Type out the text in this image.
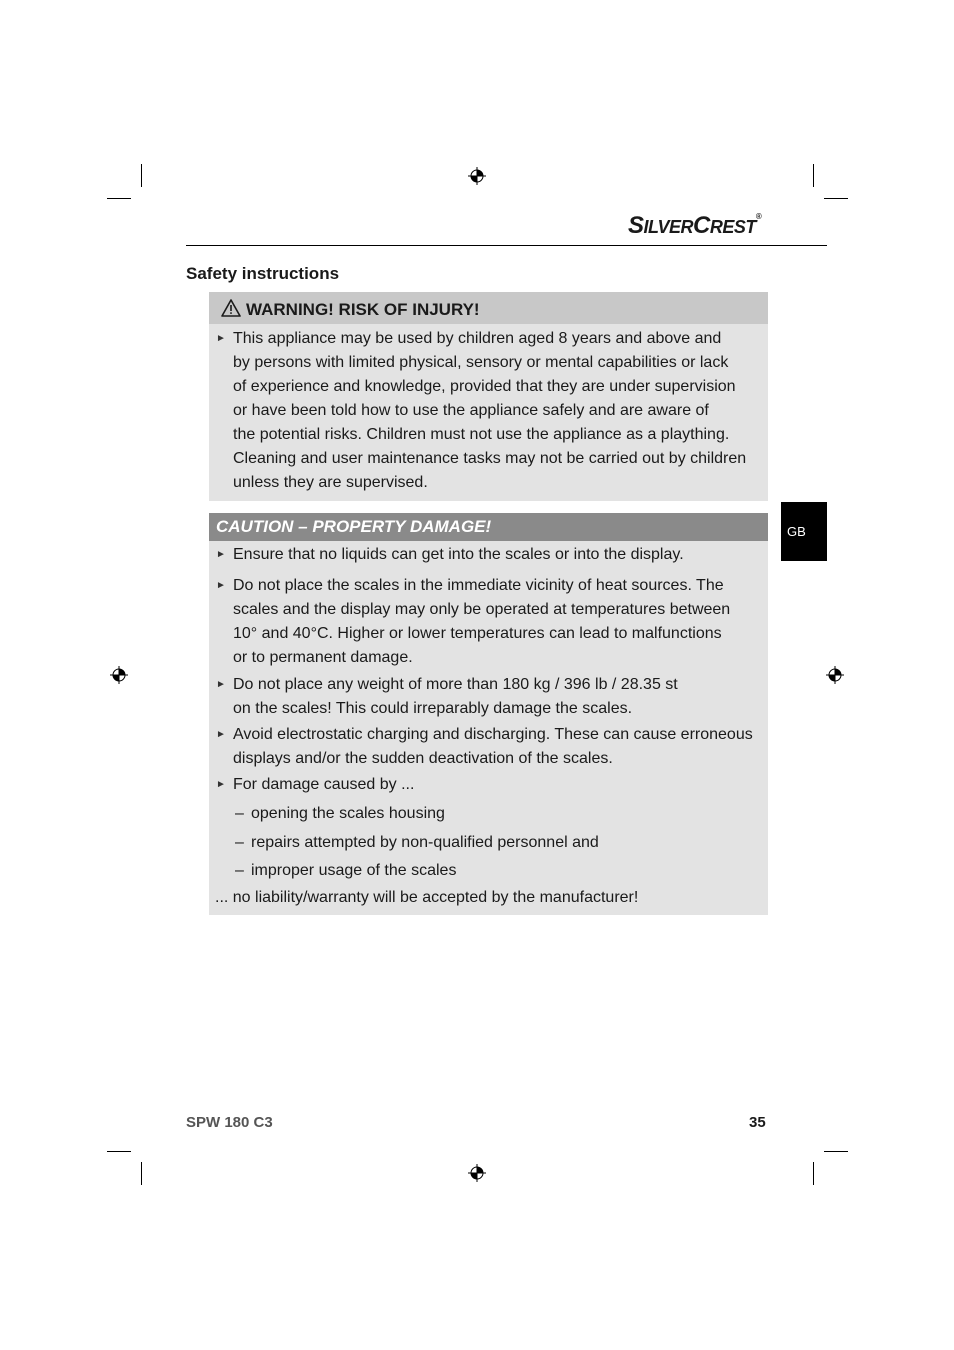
SILVERCREST®
Safety instructions
WARNING! RISK OF INJURY!
► This appliance may be used by children aged 8 years and above and
by persons with limited physical, sensory or mental capabilities or lack
of experience and knowledge, provided that they are under supervision
or have been told how to use the appliance safely and are aware of
the potential risks. Children must not use the appliance as a plaything.
Cleaning and user maintenance tasks may not be carried out by children
unless they are supervised.
CAUTION – PROPERTY DAMAGE!
► Ensure that no liquids can get into the scales or into the display.
► Do not place the scales in the immediate vicinity of heat sources. The
scales and the display may only be operated at temperatures between
10° and 40°C. Higher or lower temperatures can lead to malfunctions
or to permanent damage.
► Do not place any weight of more than 180 kg / 396 lb / 28.35 st
on the scales! This could irreparably damage the scales.
► Avoid electrostatic charging and discharging. These can cause erroneous
displays and/or the sudden deactivation of the scales.
► For damage caused by ...
– opening the scales housing
– repairs attempted by non-qualified personnel and
– improper usage of the scales
... no liability/warranty will be accepted by the manufacturer!
GB
SPW 180 C3	35
